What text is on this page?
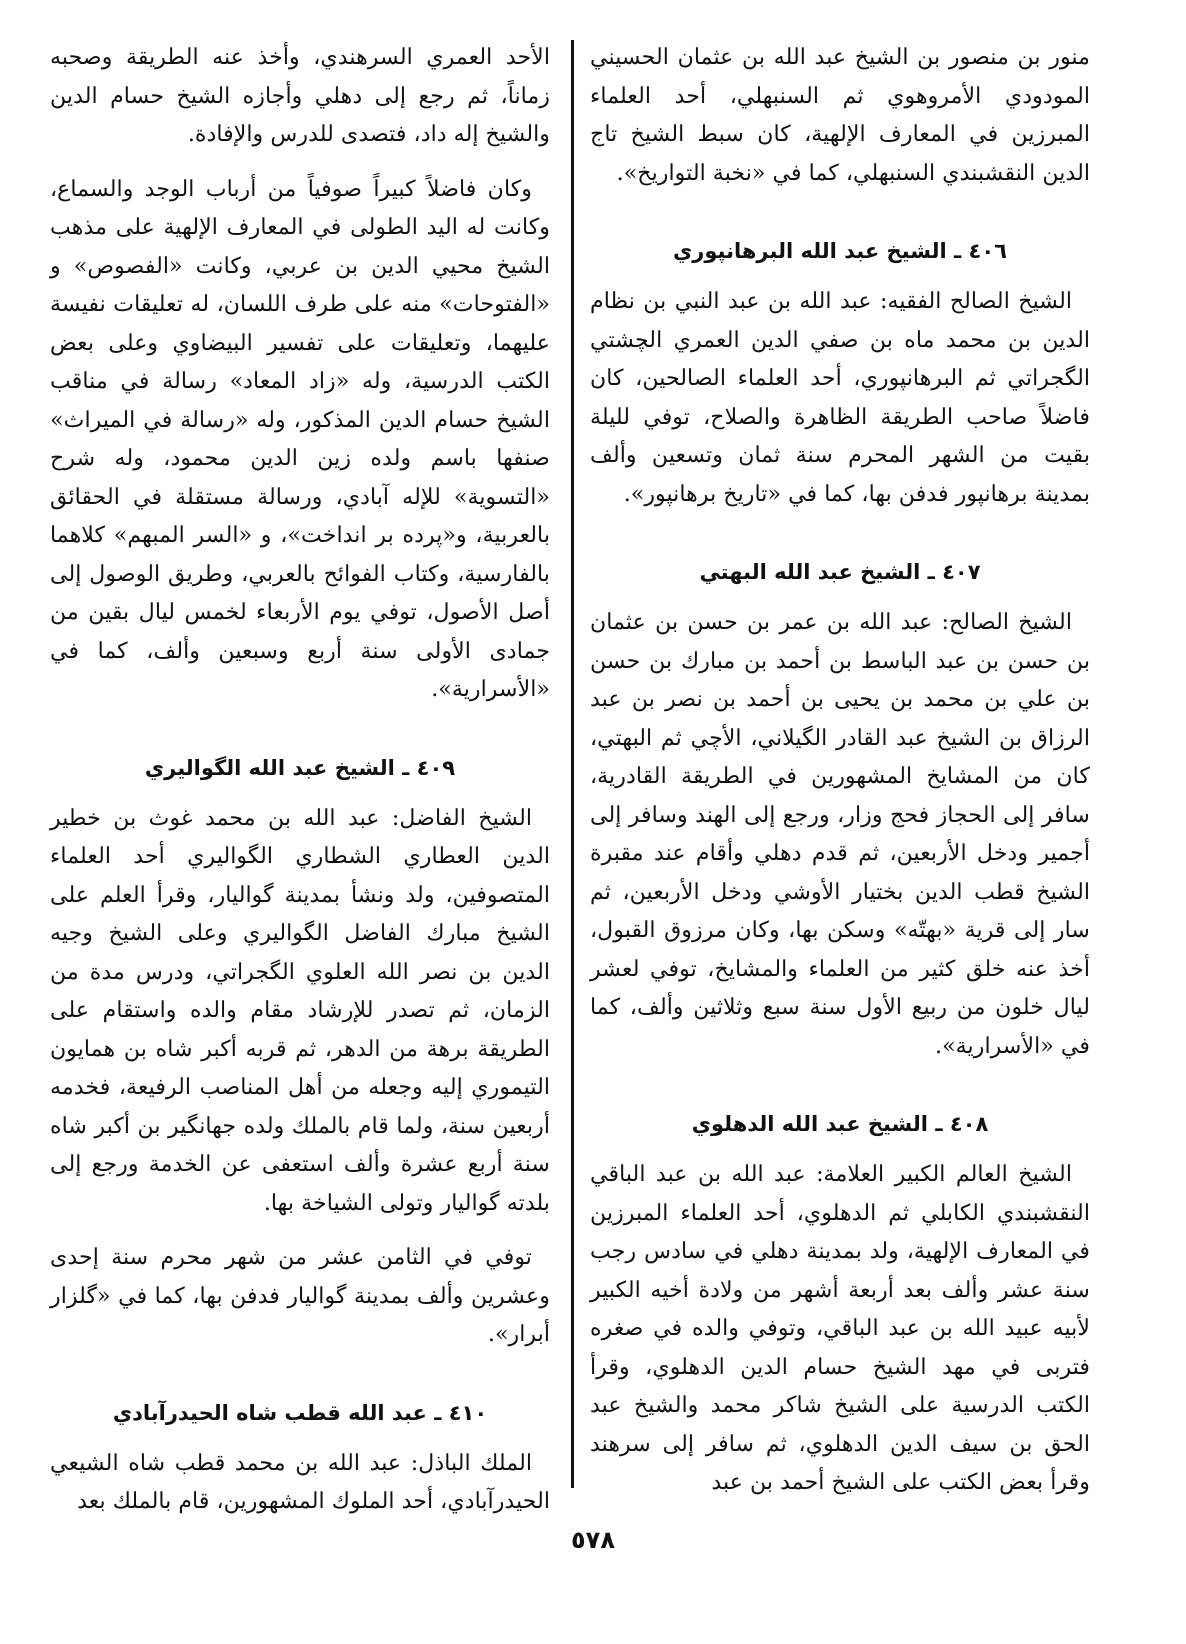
منور بن منصور بن الشيخ عبد الله بن عثمان الحسيني المودودي الأمروهوي ثم السنبهلي، أحد العلماء المبرزين في المعارف الإلهية، كان سبط الشيخ تاج الدين النقشبندي السنبهلي، كما في «نخبة التواريخ».

٤٠٦ ـ الشيخ عبد الله البرهانپوري

الشيخ الصالح الفقيه: عبد الله بن عبد النبي بن نظام الدين بن محمد ماه بن صفي الدين العمري الچشتي الگجراتي ثم البرهانپوري، أحد العلماء الصالحين، كان فاضلاً صاحب الطريقة الظاهرة والصلاح، توفي لليلة بقيت من الشهر المحرم سنة ثمان وتسعين وألف بمدينة برهانپور فدفن بها، كما في «تاريخ برهانپور».

٤٠٧ ـ الشيخ عبد الله البهتي

الشيخ الصالح: عبد الله بن عمر بن حسن بن عثمان بن حسن بن عبد الباسط بن أحمد بن مبارك بن حسن بن علي بن محمد بن يحيى بن أحمد بن نصر بن عبد الرزاق بن الشيخ عبد القادر الگيلاني، الأچي ثم البهتي، كان من المشايخ المشهورين في الطريقة القادرية، سافر إلى الحجاز فحج وزار، ورجع إلى الهند وسافر إلى أجمير ودخل الأربعين، ثم قدم دهلي وأقام عند مقبرة الشيخ قطب الدين بختيار الأوشي ودخل الأربعين، ثم سار إلى قرية «بهتّه» وسكن بها، وكان مرزوق القبول، أخذ عنه خلق كثير من العلماء والمشايخ، توفي لعشر ليال خلون من ربيع الأول سنة سبع وثلاثين وألف، كما في «الأسرارية».

٤٠٨ ـ الشيخ عبد الله الدهلوي

الشيخ العالم الكبير العلامة: عبد الله بن عبد الباقي النقشبندي الكابلي ثم الدهلوي، أحد العلماء المبرزين في المعارف الإلهية، ولد بمدينة دهلي في سادس رجب سنة عشر وألف بعد أربعة أشهر من ولادة أخيه الكبير لأبيه عبيد الله بن عبد الباقي، وتوفي والده في صغره فتربى في مهد الشيخ حسام الدين الدهلوي، وقرأ الكتب الدرسية على الشيخ شاكر محمد والشيخ عبد الحق بن سيف الدين الدهلوي، ثم سافر إلى سرهند وقرأ بعض الكتب على الشيخ أحمد بن عبد

الأحد العمري السرهندي، وأخذ عنه الطريقة وصحبه زماناً، ثم رجع إلى دهلي وأجازه الشيخ حسام الدين والشيخ إله داد، فتصدى للدرس والإفادة.

وكان فاضلاً كبيراً صوفياً من أرباب الوجد والسماع، وكانت له اليد الطولى في المعارف الإلهية على مذهب الشيخ محيي الدين بن عربي، وكانت «الفصوص» و «الفتوحات» منه على طرف اللسان، له تعليقات نفيسة عليهما، وتعليقات على تفسير البيضاوي وعلى بعض الكتب الدرسية، وله «زاد المعاد» رسالة في مناقب الشيخ حسام الدين المذكور، وله «رسالة في الميراث» صنفها باسم ولده زين الدين محمود، وله شرح «التسوية» للإله آبادي، ورسالة مستقلة في الحقائق بالعربية، و«پرده بر انداخت»، و «السر المبهم» كلاهما بالفارسية، وكتاب الفوائح بالعربي، وطريق الوصول إلى أصل الأصول، توفي يوم الأربعاء لخمس ليال بقين من جمادى الأولى سنة أربع وسبعين وألف، كما في «الأسرارية».

٤٠٩ ـ الشيخ عبد الله الگواليري

الشيخ الفاضل: عبد الله بن محمد غوث بن خطير الدين العطاري الشطاري الگواليري أحد العلماء المتصوفين، ولد ونشأ بمدينة گواليار، وقرأ العلم على الشيخ مبارك الفاضل الگواليري وعلى الشيخ وجيه الدين بن نصر الله العلوي الگجراتي، ودرس مدة من الزمان، ثم تصدر للإرشاد مقام والده واستقام على الطريقة برهة من الدهر، ثم قربه أكبر شاه بن همايون التيموري إليه وجعله من أهل المناصب الرفيعة، فخدمه أربعين سنة، ولما قام بالملك ولده جهانگير بن أكبر شاه سنة أربع عشرة وألف استعفى عن الخدمة ورجع إلى بلدته گواليار وتولى الشياخة بها.

توفي في الثامن عشر من شهر محرم سنة إحدى وعشرين وألف بمدينة گواليار فدفن بها، كما في «گلزار أبرار».

٤١٠ ـ عبد الله قطب شاه الحيدرآبادي

الملك الباذل: عبد الله بن محمد قطب شاه الشيعي الحيدرآبادي، أحد الملوك المشهورين، قام بالملك بعد

٥٧٨
